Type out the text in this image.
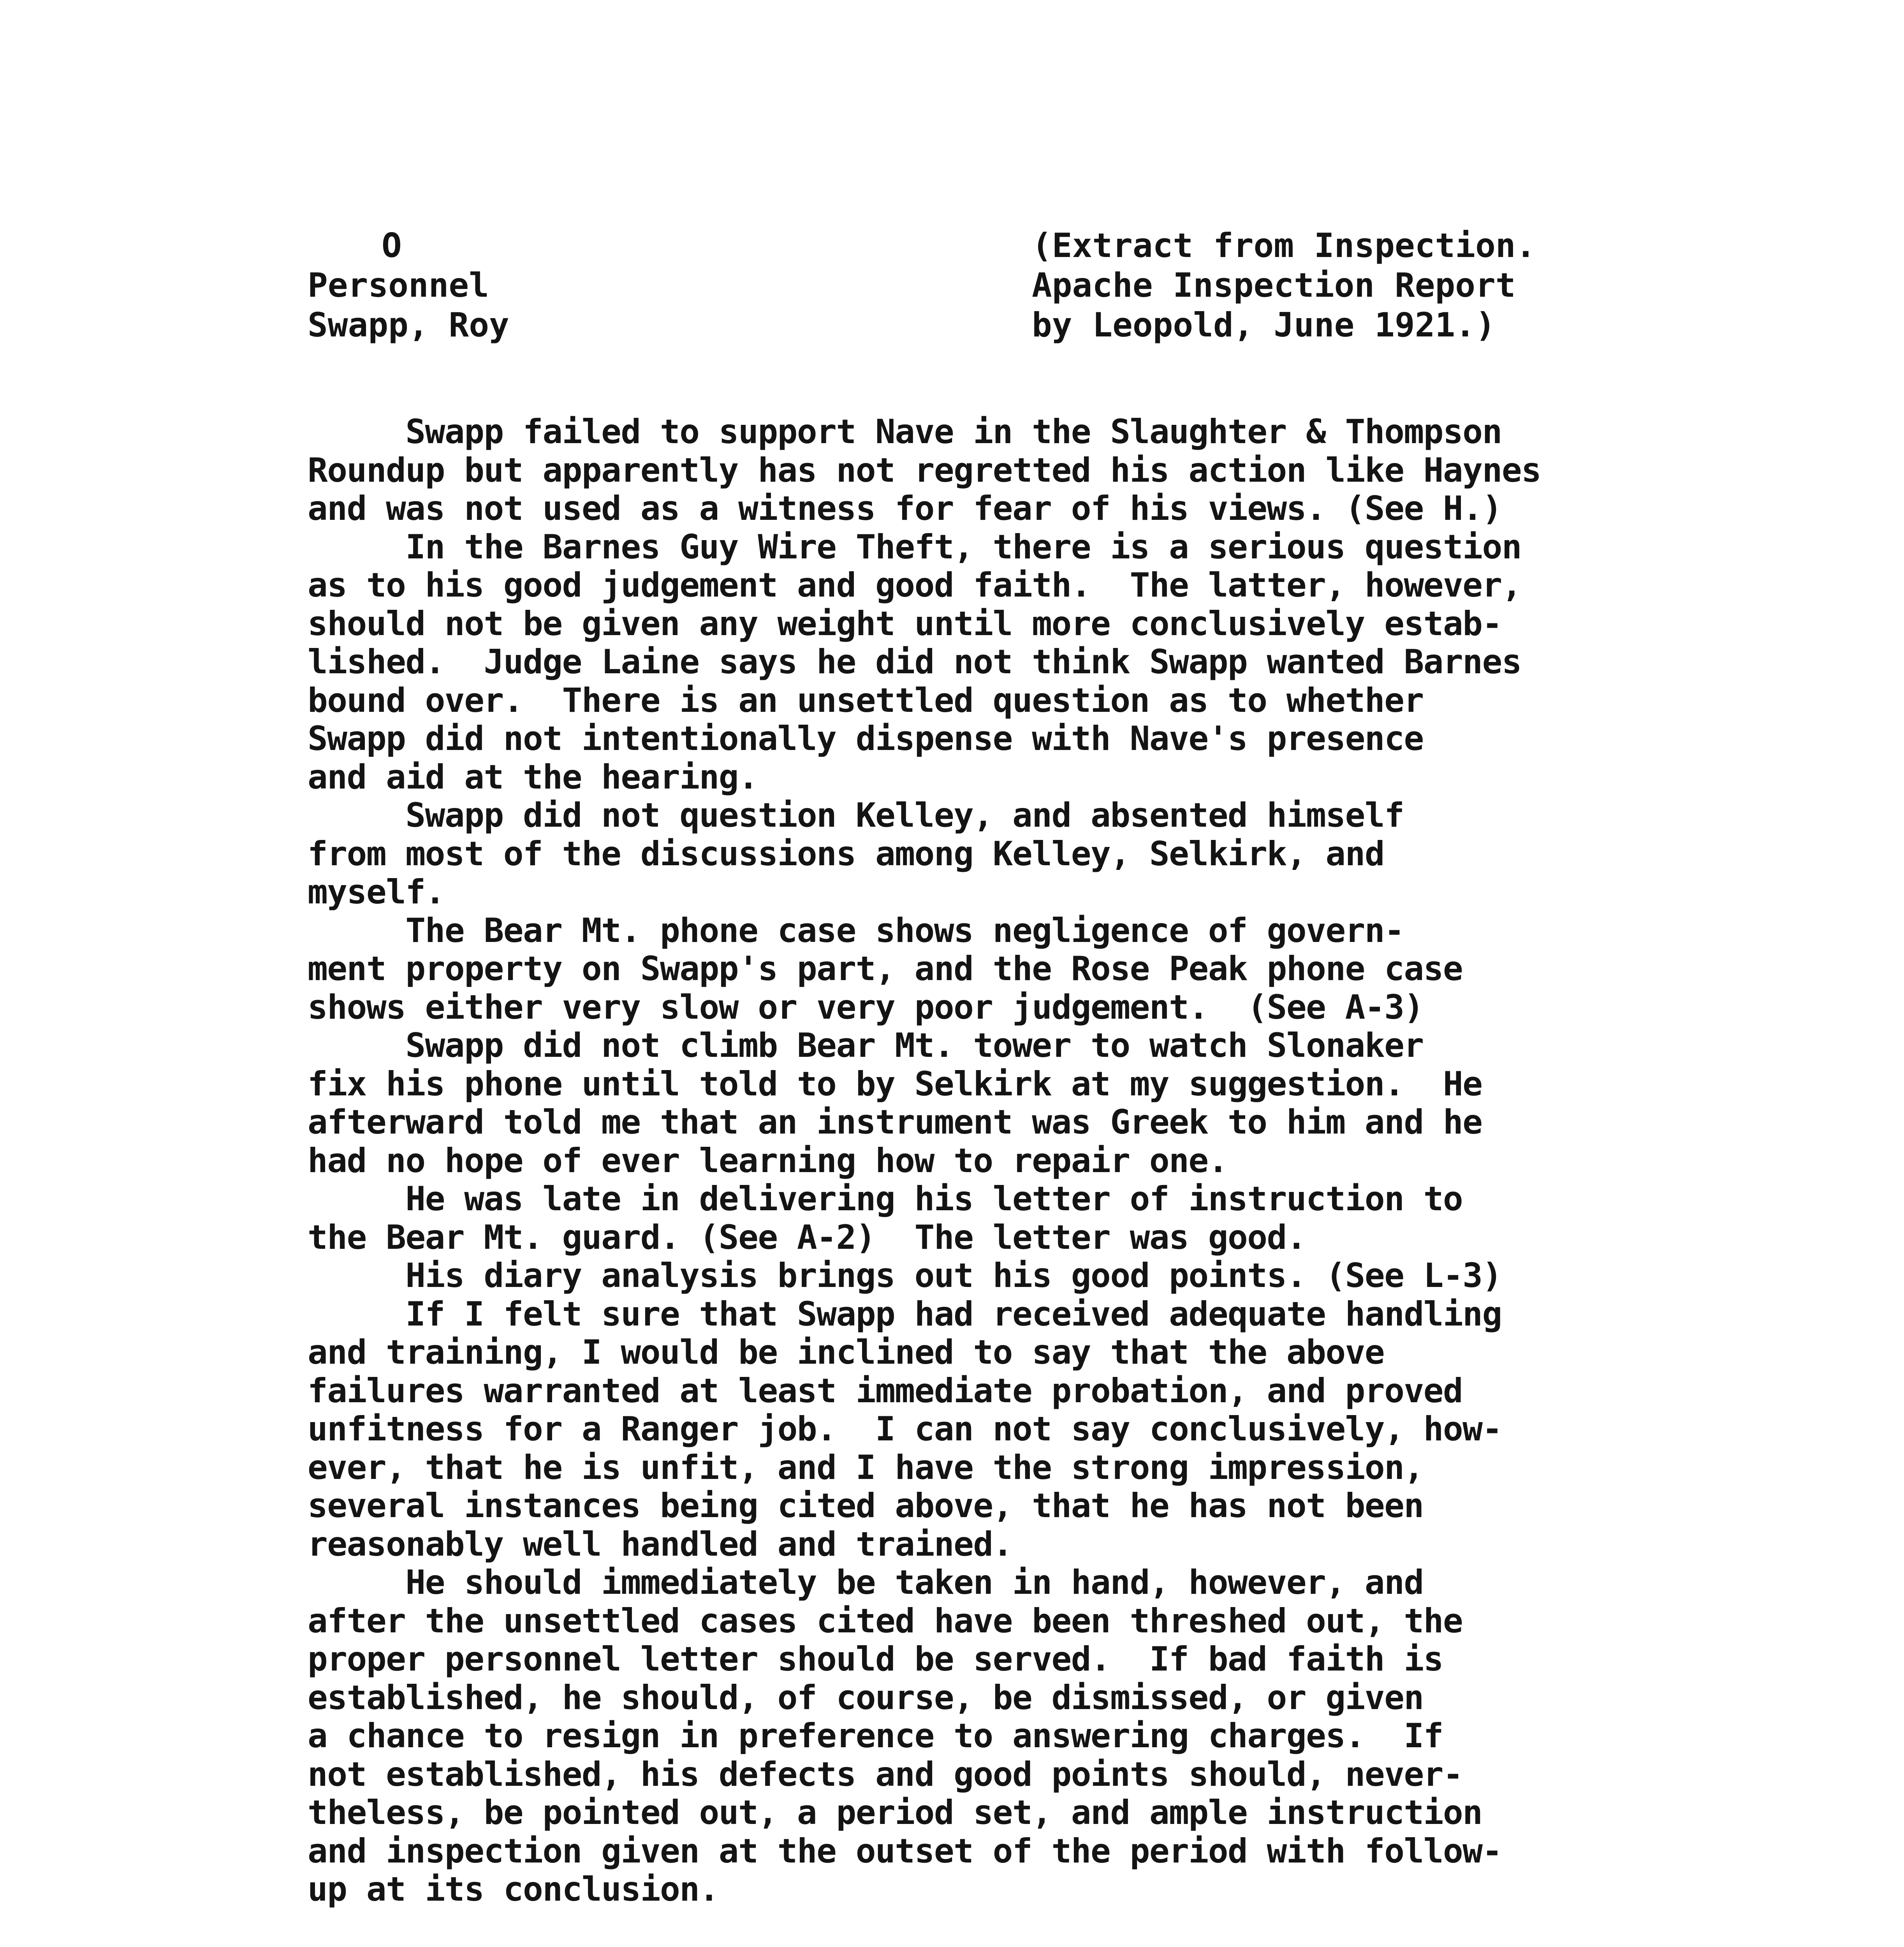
O
Personnel
Swapp, Roy
(Extract from Inspection.
Apache Inspection Report
by Leopold, June 1921.)
Swapp failed to support Nave in the Slaughter & Thompson
Roundup but apparently has not regretted his action like Haynes
and was not used as a witness for fear of his views. (See H.)
In the Barnes Guy Wire Theft, there is a serious question
as to his good judgement and good faith.  The latter, however,
should not be given any weight until more conclusively estab-
lished.  Judge Laine says he did not think Swapp wanted Barnes
bound over.  There is an unsettled question as to whether
Swapp did not intentionally dispense with Nave's presence
and aid at the hearing.
Swapp did not question Kelley, and absented himself
from most of the discussions among Kelley, Selkirk, and
myself.
The Bear Mt. phone case shows negligence of govern-
ment property on Swapp's part, and the Rose Peak phone case
shows either very slow or very poor judgement.  (See A-3)
Swapp did not climb Bear Mt. tower to watch Slonaker
fix his phone until told to by Selkirk at my suggestion.  He
afterward told me that an instrument was Greek to him and he
had no hope of ever learning how to repair one.
He was late in delivering his letter of instruction to
the Bear Mt. guard. (See A-2)  The letter was good.
His diary analysis brings out his good points. (See L-3)
If I felt sure that Swapp had received adequate handling
and training, I would be inclined to say that the above
failures warranted at least immediate probation, and proved
unfitness for a Ranger job.  I can not say conclusively, how-
ever, that he is unfit, and I have the strong impression,
several instances being cited above, that he has not been
reasonably well handled and trained.
He should immediately be taken in hand, however, and
after the unsettled cases cited have been threshed out, the
proper personnel letter should be served.  If bad faith is
established, he should, of course, be dismissed, or given
a chance to resign in preference to answering charges.  If
not established, his defects and good points should, never-
theless, be pointed out, a period set, and ample instruction
and inspection given at the outset of the period with follow-
up at its conclusion.
